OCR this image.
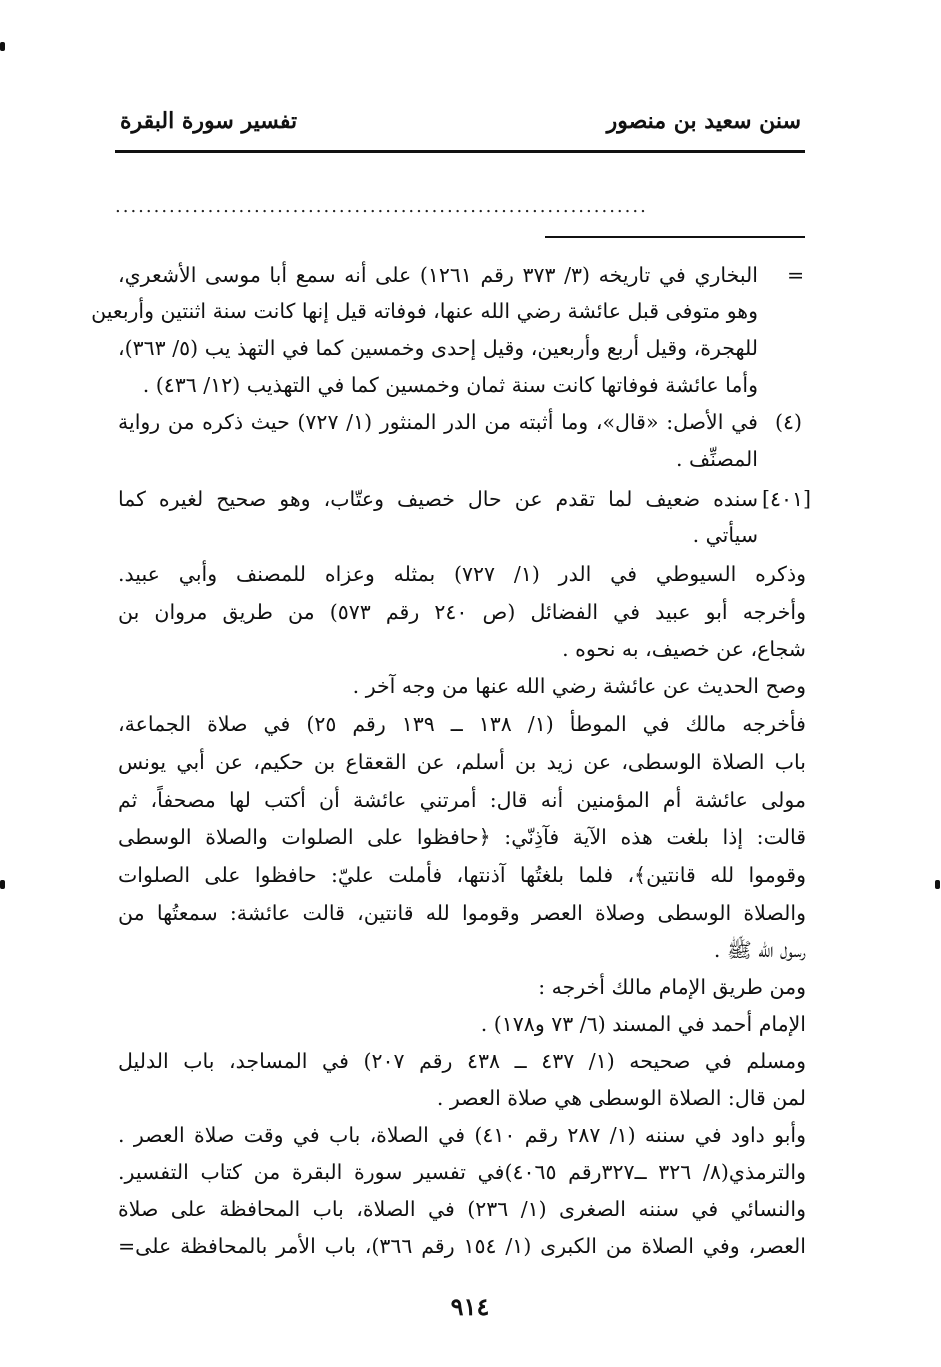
سنن سعيد بن منصور
تفسير سورة البقرة
.....................................................................
=
البخاري في تاريخه (٣/ ٣٧٣ رقم ١٢٦١) على أنه سمع أبا موسى الأشعري،
وهو متوفى قبل عائشة رضي الله عنها، فوفاته قيل إنها كانت سنة اثنتين وأربعين
للهجرة، وقيل أربع وأربعين، وقيل إحدى وخمسين كما في التهذ يب (٥/ ٣٦٣)،
وأما عائشة فوفاتها كانت سنة ثمان وخمسين كما في التهذيب (١٢/ ٤٣٦) .
(٤)
في الأصل: «قال»، وما أثبته من الدر المنثور (١/ ٧٢٧) حيث ذكره من رواية
المصنِّف .
[٤٠١]
سنده ضعيف لما تقدم عن حال خصيف وعتّاب، وهو صحيح لغيره كما
سيأتي .
وذكره السيوطي في الدر (١/ ٧٢٧) بمثله وعزاه للمصنف وأبي عبيد.
وأخرجه أبو عبيد في الفضائل (ص ٢٤٠ رقم ٥٧٣) من طريق مروان بن
شجاع، عن خصيف، به نحوه .
وصح الحديث عن عائشة رضي الله عنها من وجه آخر .
فأخرجه مالك في الموطأ (١/ ١٣٨ ــ ١٣٩ رقم ٢٥) في صلاة الجماعة،
باب الصلاة الوسطى، عن زيد بن أسلم، عن القعقاع بن حكيم، عن أبي يونس
مولى عائشة أم المؤمنين أنه قال: أمرتني عائشة أن أكتب لها مصحفاً، ثم
قالت: إذا بلغت هذه الآية فآذِنّي: ﴿حافظوا على الصلوات والصلاة الوسطى
وقوموا لله قانتين﴾، فلما بلغتُها آذنتها، فأملت عليّ: حافظوا على الصلوات
والصلاة الوسطى وصلاة العصر وقوموا لله قانتين، قالت عائشة: سمعتُها من
رسول الله ﷺ .
ومن طريق الإمام مالك أخرجه :
الإمام أحمد في المسند (٦/ ٧٣ و١٧٨) .
ومسلم في صحيحه (١/ ٤٣٧ ــ ٤٣٨ رقم ٢٠٧) في المساجد، باب الدليل
لمن قال: الصلاة الوسطى هي صلاة العصر .
وأبو داود في سننه (١/ ٢٨٧ رقم ٤١٠) في الصلاة، باب في وقت صلاة العصر .
والترمذي(٨/ ٣٢٦ ــ٣٢٧رقم ٤٠٦٥)في تفسير سورة البقرة من كتاب التفسير.
والنسائي في سننه الصغرى (١/ ٢٣٦) في الصلاة، باب المحافظة على صلاة
العصر، وفي الصلاة من الكبرى (١/ ١٥٤ رقم ٣٦٦)، باب الأمر بالمحافظة على=
٩١٤
